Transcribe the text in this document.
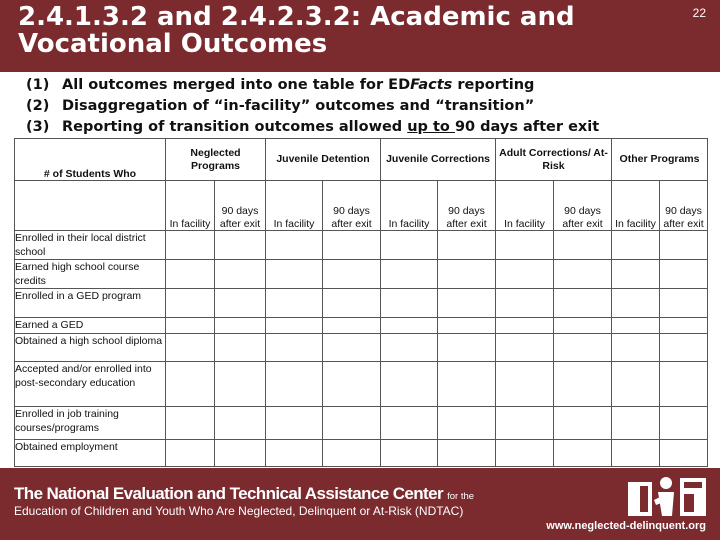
2.4.1.3.2 and 2.4.2.3.2: Academic and Vocational Outcomes
22
(1) All outcomes merged into one table for EDFacts reporting
(2) Disaggregation of “in-facility” outcomes and “transition”
(3) Reporting of transition outcomes allowed up to 90 days after exit
# of Students Who	Neglected Programs		Juvenile Detention		Juvenile Corrections		Adult Corrections/ At-Risk		Other Programs	
	In facility	90 days after exit	In facility	90 days after exit	In facility	90 days after exit	In facility	90 days after exit	In facility	90 days after exit
Enrolled in their local district school										
Earned high school course credits										
Enrolled in a GED program										
Earned a GED										
Obtained a high school diploma										
Accepted and/or enrolled into post-secondary education										
Enrolled in job training courses/programs										
Obtained employment										
The National Evaluation and Technical Assistance Center for the
Education of Children and Youth Who Are Neglected, Delinquent or At-Risk (NDTAC)
www.neglected-delinquent.org
